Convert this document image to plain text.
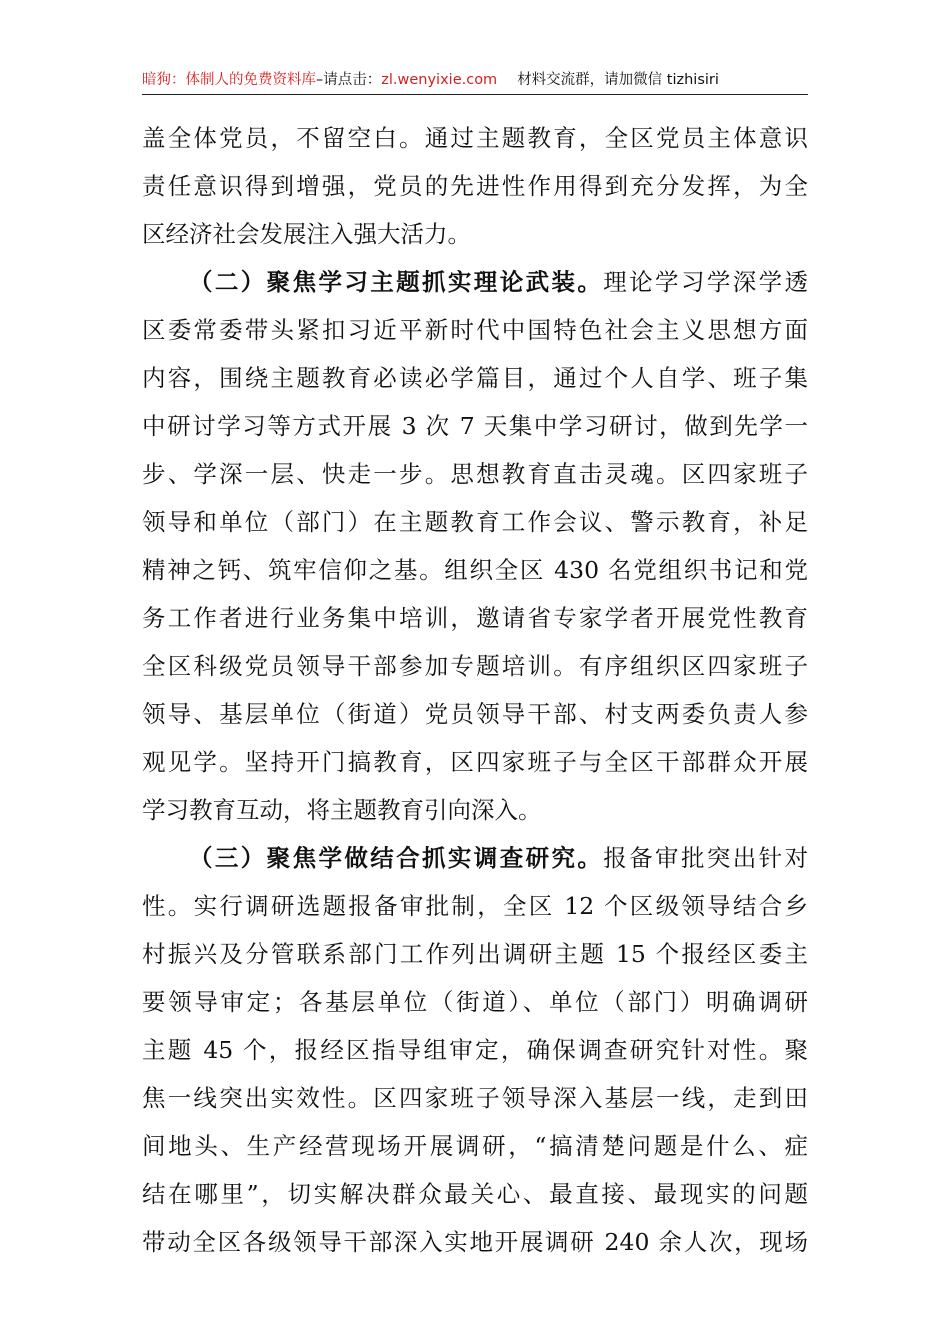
暗狗：体制人的免费资料库 –请点击： zl.wenyixie.com 材料交流群，请加微信 tizhisiri
盖全体党员，不留空白。通过主题教育，全区党员主体意识
责任意识得到增强，党员的先进性作用得到充分发挥，为全
区经济社会发展注入强大活力。
（二）聚焦学习主题抓实理论武装。理论学习学深学透
区委常委带头紧扣习近平新时代中国特色社会主义思想方面
内容，围绕主题教育必读必学篇目，通过个人自学、班子集
中研讨学习等方式开展 3 次 7 天集中学习研讨，做到先学一
步、学深一层、快走一步。思想教育直击灵魂。区四家班子
领导和单位（部门）在主题教育工作会议、警示教育，补足
精神之钙、筑牢信仰之基。组织全区 430 名党组织书记和党
务工作者进行业务集中培训，邀请省专家学者开展党性教育
全区科级党员领导干部参加专题培训。有序组织区四家班子
领导、基层单位（街道）党员领导干部、村支两委负责人参
观见学。坚持开门搞教育，区四家班子与全区干部群众开展
学习教育互动，将主题教育引向深入。
（三）聚焦学做结合抓实调查研究。报备审批突出针对
性。实行调研选题报备审批制，全区 12 个区级领导结合乡
村振兴及分管联系部门工作列出调研主题 15 个报经区委主
要领导审定；各基层单位（街道）、单位（部门）明确调研
主题 45 个，报经区指导组审定，确保调查研究针对性。聚
焦一线突出实效性。区四家班子领导深入基层一线，走到田
间地头、生产经营现场开展调研，“搞清楚问题是什么、症
结在哪里”，切实解决群众最关心、最直接、最现实的问题
带动全区各级领导干部深入实地开展调研 240 余人次，现场
